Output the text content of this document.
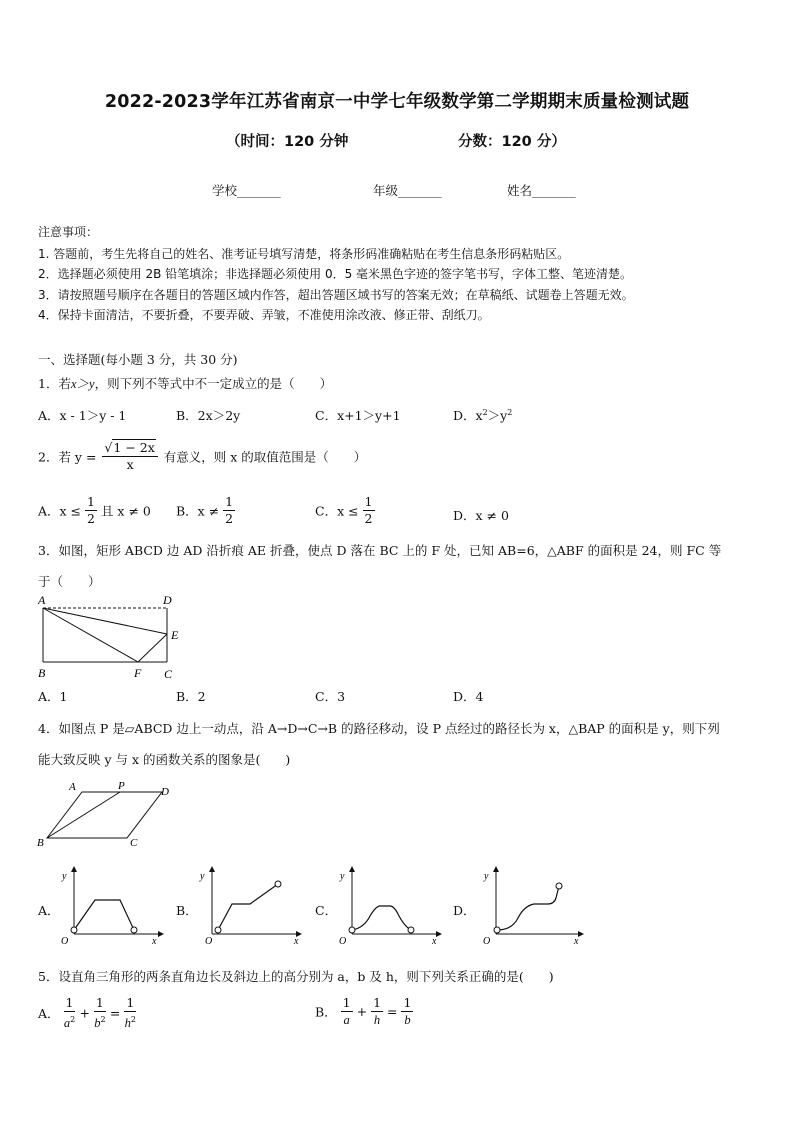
2022-2023学年江苏省南京一中学七年级数学第二学期期末质量检测试题
（时间：120 分钟	分数：120 分）
学校_______	年级_______	姓名_______
注意事项：
1. 答题前，考生先将自己的姓名、准考证号填写清楚，将条形码准确粘贴在考生信息条形码粘贴区。
2．选择题必须使用 2B 铅笔填涂；非选择题必须使用 0．5 毫米黑色字迹的签字笔书写，字体工整、笔迹清楚。
3．请按照题号顺序在各题目的答题区域内作答，超出答题区域书写的答案无效；在草稿纸、试题卷上答题无效。
4．保持卡面清洁，不要折叠，不要弄破、弄皱，不准使用涂改液、修正带、刮纸刀。
一、选择题(每小题 3 分，共 30 分)
1．若x＞y，则下列不等式中不一定成立的是（　　）
A．x - 1＞y - 1	B．2x＞2y	C．x+1＞y+1	D．$x^2>y^2$
2．若 $y = \frac{√1 - 2x}{x}$ 有意义，则 x 的取值范围是（　　）
A．$x \le \frac{1}{2}$ 且 x ≠ 0 B．$x \ne \frac{1}{2}$	C．$x \le \frac{1}{2}$	D．x ≠ 0
3．如图，矩形 ABCD 边 AD 沿折痕 AE 折叠，使点 D 落在 BC 上的 F 处，已知 AB=6，△ABF 的面积是 24，则 FC 等
于（　　）
A	D
E
B	F C
A．1	B．2	C．3	D．4
4．如图点 P 是▱ABCD 边上一动点，沿 A→D→C→B 的路径移动，设 P 点经过的路径长为 x，△BAP 的面积是 y，则下列
能大致反映 y 与 x 的函数关系的图象是(　　)
A	P	D
B	C
A．
y
O	x
B．
y
O	x
C．
y
O	x
D．
y
O	x
5．设直角三角形的两条直角边长及斜边上的高分别为 a，b 及 h，则下列关系正确的是(　　)
A． $\frac{1}{a^2} + \frac{1}{b^2} = \frac{1}{h^2}$	B． $\frac{1}{a} + \frac{1}{h} = \frac{1}{b}$
